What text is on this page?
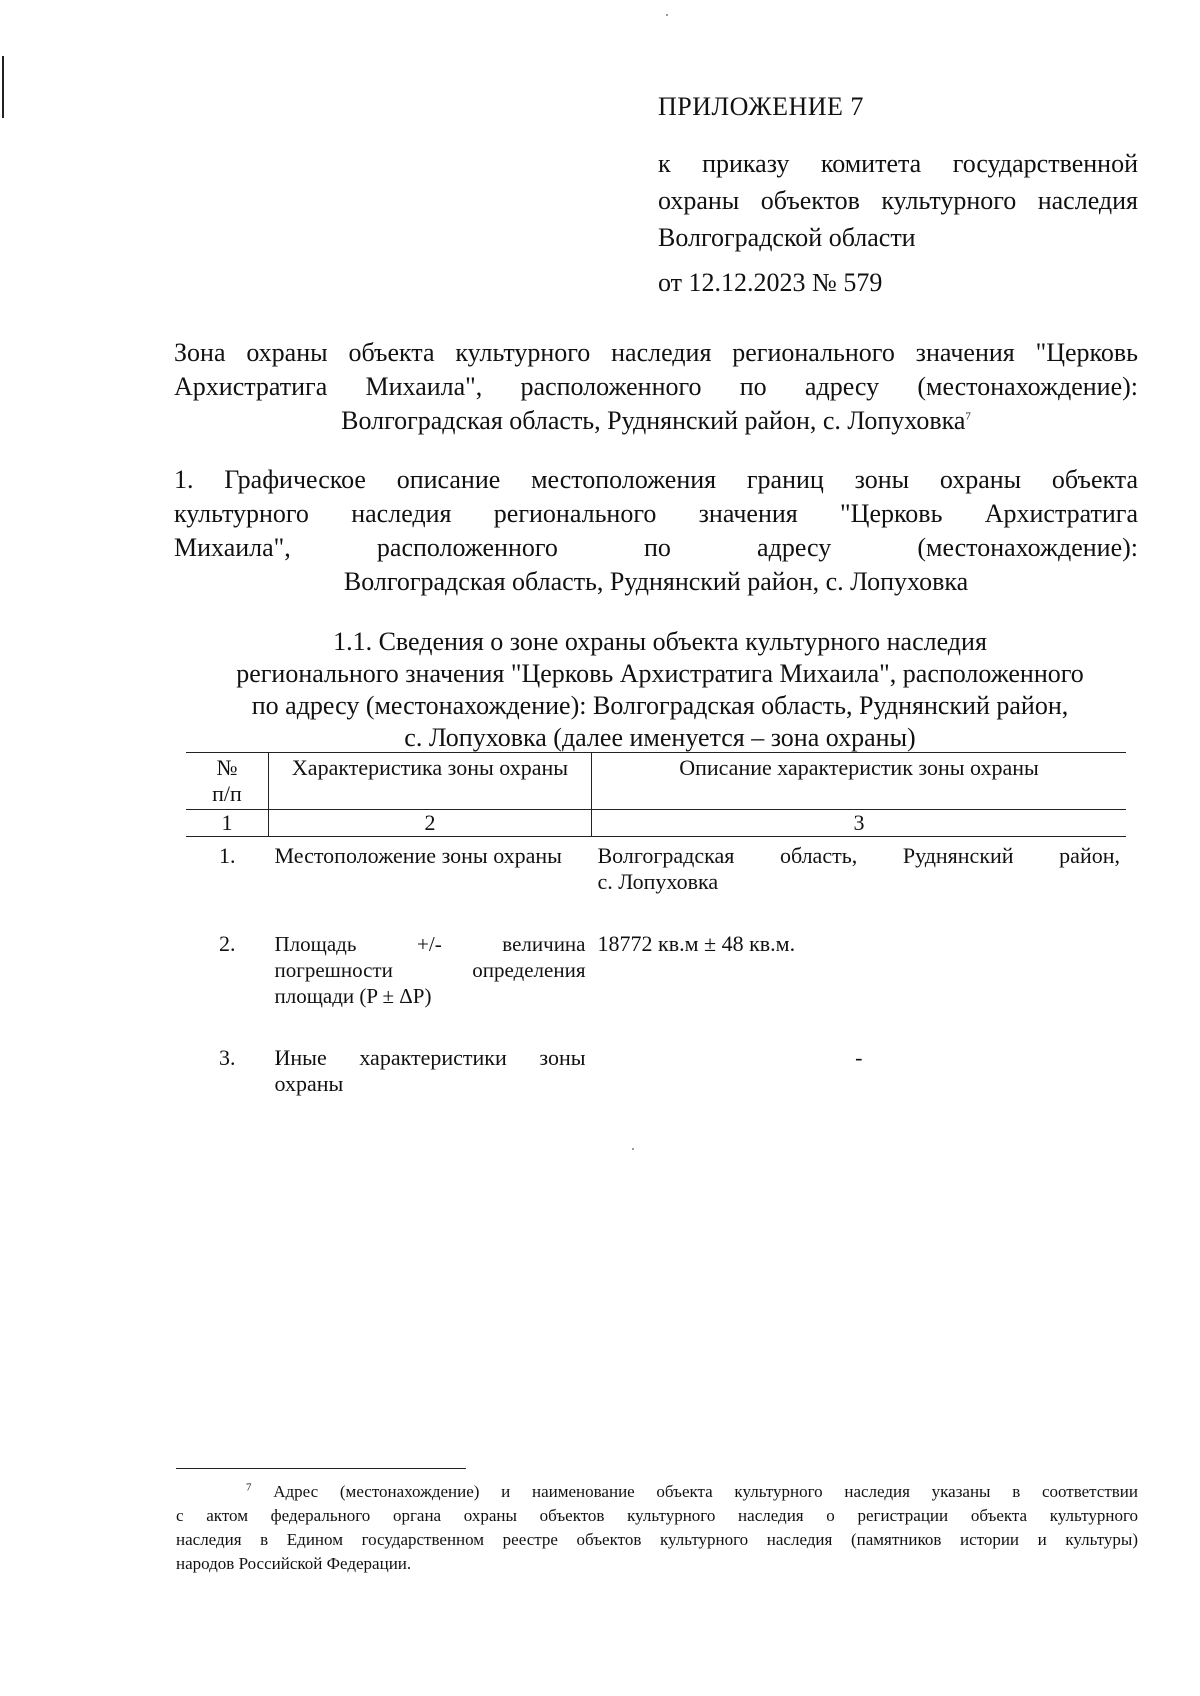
ПРИЛОЖЕНИЕ 7
к приказу комитета государственной
охраны объектов культурного наследия
Волгоградской области
от 12.12.2023 № 579
Зона охраны объекта культурного наследия регионального значения "Церковь
Архистратига Михаила", расположенного по адресу (местонахождение):
Волгоградская область, Руднянский район, с. Лопуховка$^7$
1. Графическое описание местоположения границ зоны охраны объекта
культурного наследия регионального значения "Церковь Архистратига
Михаила", расположенного по адресу (местонахождение):
Волгоградская область, Руднянский район, с. Лопуховка
1.1. Сведения о зоне охраны объекта культурного наследия
регионального значения "Церковь Архистратига Михаила", расположенного
по адресу (местонахождение): Волгоградская область, Руднянский район,
с. Лопуховка (далее именуется – зона охраны)
№
п/п	Характеристика зоны охраны	Описание характеристик зоны охраны
1	2	3
1.	Местоположение зоны охраны	Волгоградская область, Руднянский район,
с. Лопуховка
2.	Площадь +/- величина
погрешности определения
площади (P ± ΔP)	18772 кв.м ± 48 кв.м.
3.	Иные характеристики зоны
охраны	-
$^7$ Адрес (местонахождение) и наименование объекта культурного наследия указаны в соответствии
с актом федерального органа охраны объектов культурного наследия о регистрации объекта культурного
наследия в Едином государственном реестре объектов культурного наследия (памятников истории и культуры)
народов Российской Федерации.
